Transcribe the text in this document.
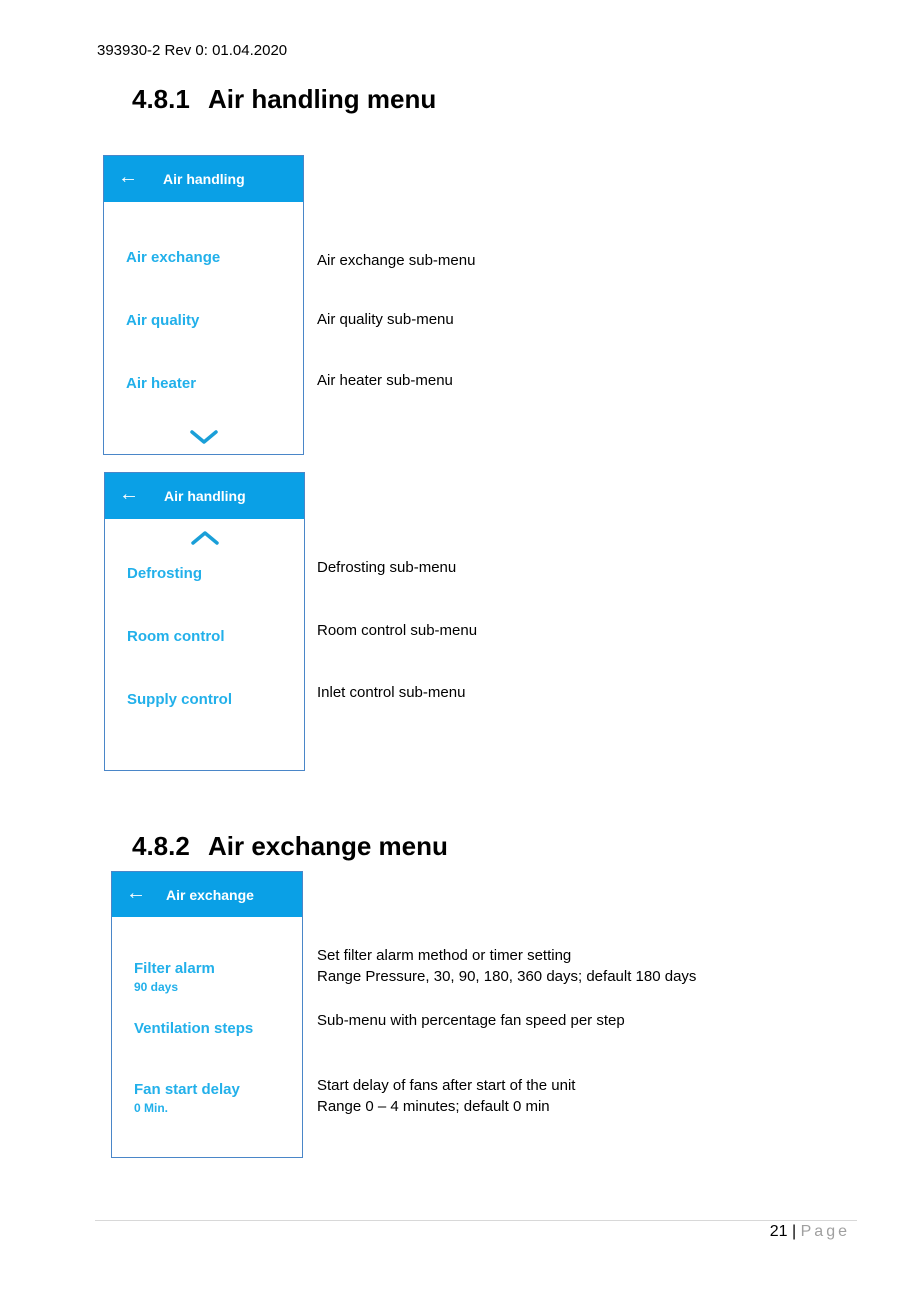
393930-2 Rev 0: 01.04.2020
4.8.1 Air handling menu
← Air handling
Air exchange
Air quality
Air heater
Air exchange sub-menu
Air quality sub-menu
Air heater sub-menu
← Air handling
Defrosting
Room control
Supply control
Defrosting sub-menu
Room control sub-menu
Inlet control sub-menu
4.8.2 Air exchange menu
← Air exchange
Filter alarm
90 days
Ventilation steps
Fan start delay
0 Min.
Set filter alarm method or timer setting
Range Pressure, 30, 90, 180, 360 days; default 180 days
Sub-menu with percentage fan speed per step
Start delay of fans after start of the unit
Range 0 – 4 minutes; default 0 min
21 | Page
